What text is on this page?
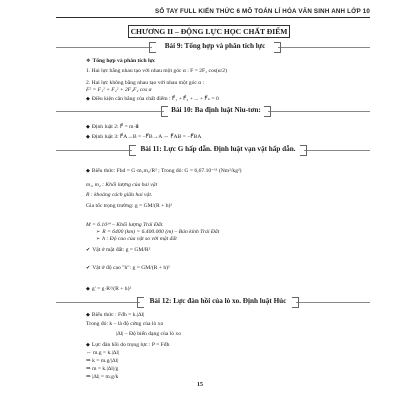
SỔ TAY FULL KIẾN THỨC 6 MÔ TOÁN LÍ HÓA VĂN SINH ANH LỚP 10
CHƯƠNG II – ĐỘNG LỰC HỌC CHẤT ĐIỂM
Bài 9: Tổng hợp và phân tích lực
❖ Tổng hợp và phân tích lực
1. Hai lực bằng nhau tạo với nhau một góc α : F = 2F₁ cos(α/2)
2. Hai lực không bằng nhau tạo với nhau một góc α :
F² = F₁² + F₂² + 2F₁F₂ cos α
◆ Điều kiện cân bằng của chất điểm : F⃗₁ + F⃗₂ + ... + F⃗ₙ = 0
Bài 10: Ba định luật Niu-tơn:
◆ Định luật 2: F⃗ = m·a⃗
◆ Định luật 3: F⃗A→B = −F⃗B→A ⇔ F⃗AB = −F⃗BA
Bài 11: Lực G hấp dẫn. Định luật vạn vật hấp dẫn.
◆ Biểu thức: Fhd = G·m₁m₂/R² ; Trong đó: G = 6,67.10⁻¹¹ (Nm²/kg²)
m₁, m₂ : Khối lượng của hai vật
R : khoảng cách giữa hai vật.
Gia tốc trọng trường: g = GM/(R + h)²
M = 6.10²⁴ – Khối lượng Trái Đất.
➢ R = 6400 (km) = 6.400.000 (m) – Bán kính Trái Đất
➢ h : Độ cao của vật so với mặt đất
✔ Vật ở mặt đất: g = GM/R²
✔ Vật ở độ cao "h": g = GM/(R + h)²
◆ g' = g·R²/(R + h)²
Bài 12: Lực đàn hồi của lò xo. Định luật Húc
◆ Biểu thức : Fđh = k.|Δl|
Trong đó: k – là độ cứng của lò xo
|Δl| – Độ biến dạng của lò xo
◆ Lực đàn hồi do trọng lực : P = Fđh
⇔ m.g = k.|Δl|
⇒ k = m.g/|Δl|
⇒ m = k.|Δl|/g
⇒ |Δl| = m.g/k
15
